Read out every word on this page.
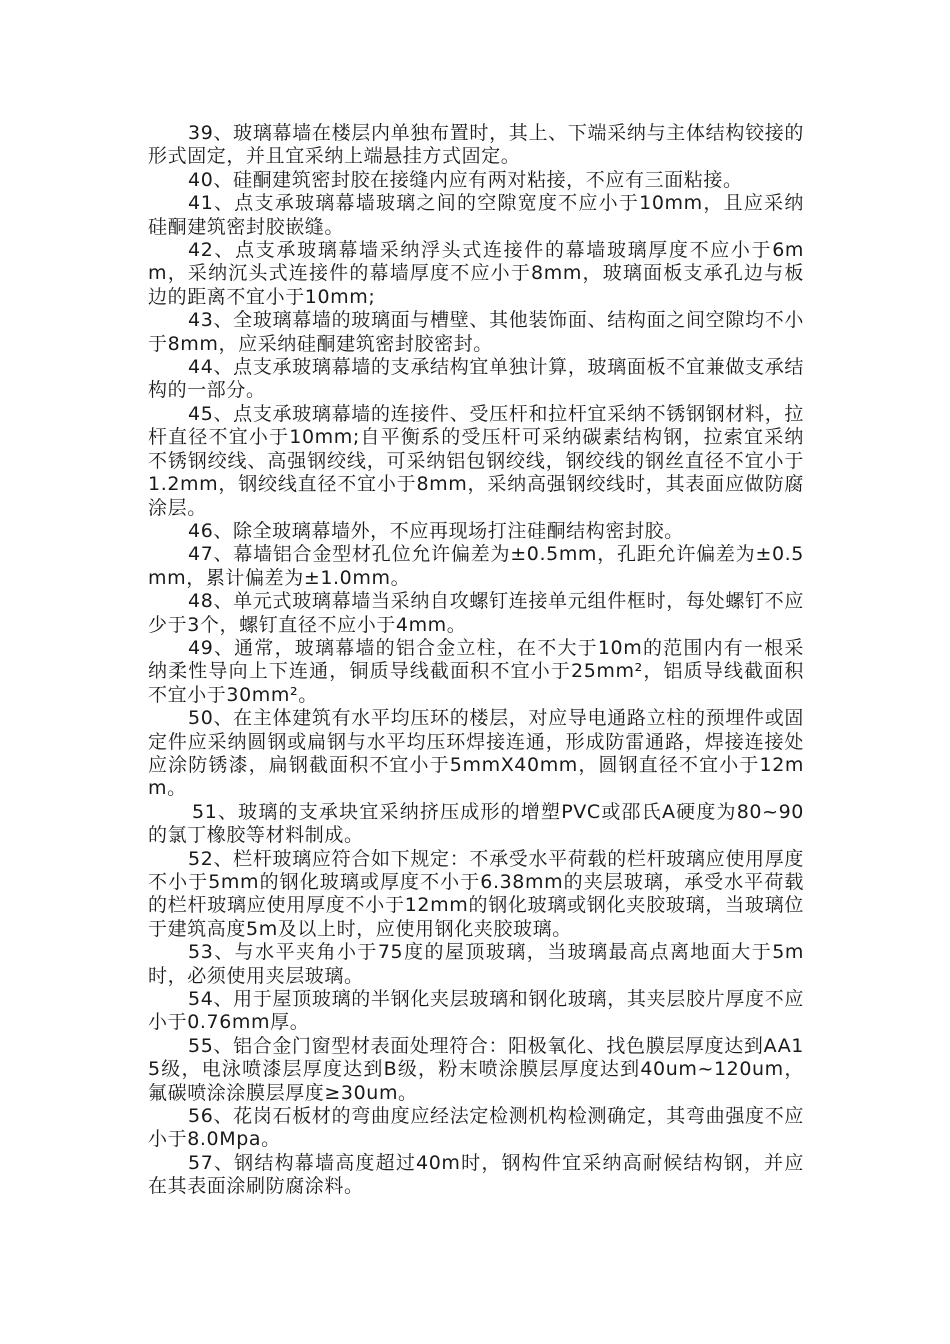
39、玻璃幕墙在楼层内单独布置时，其上、下端采纳与主体结构铰接的形式固定，并且宜采纳上端悬挂方式固定。

40、硅酮建筑密封胶在接缝内应有两对粘接，不应有三面粘接。

41、点支承玻璃幕墙玻璃之间的空隙宽度不应小于10mm，且应采纳硅酮建筑密封胶嵌缝。

42、点支承玻璃幕墙采纳浮头式连接件的幕墙玻璃厚度不应小于6mm，采纳沉头式连接件的幕墙厚度不应小于8mm，玻璃面板支承孔边与板边的距离不宜小于10mm;

43、全玻璃幕墙的玻璃面与槽壁、其他装饰面、结构面之间空隙均不小于8mm，应采纳硅酮建筑密封胶密封。

44、点支承玻璃幕墙的支承结构宜单独计算，玻璃面板不宜兼做支承结构的一部分。

45、点支承玻璃幕墙的连接件、受压杆和拉杆宜采纳不锈钢钢材料，拉杆直径不宜小于10mm;自平衡系的受压杆可采纳碳素结构钢，拉索宜采纳不锈钢绞线、高强钢绞线，可采纳铝包钢绞线，钢绞线的钢丝直径不宜小于1.2mm，钢绞线直径不宜小于8mm，采纳高强钢绞线时，其表面应做防腐涂层。

46、除全玻璃幕墙外，不应再现场打注硅酮结构密封胶。

47、幕墙铝合金型材孔位允许偏差为±0.5mm，孔距允许偏差为±0.5mm，累计偏差为±1.0mm。

48、单元式玻璃幕墙当采纳自攻螺钉连接单元组件框时，每处螺钉不应少于3个，螺钉直径不应小于4mm。

49、通常，玻璃幕墙的铝合金立柱，在不大于10m的范围内有一根采纳柔性导向上下连通，铜质导线截面积不宜小于25mm²，铝质导线截面积不宜小于30mm²。

50、在主体建筑有水平均压环的楼层，对应导电通路立柱的预埋件或固定件应采纳圆钢或扁钢与水平均压环焊接连通，形成防雷通路，焊接连接处应涂防锈漆，扁钢截面积不宜小于5mmX40mm，圆钢直径不宜小于12mm。

51、玻璃的支承块宜采纳挤压成形的增塑PVC或邵氏A硬度为80~90的氯丁橡胶等材料制成。

52、栏杆玻璃应符合如下规定：不承受水平荷载的栏杆玻璃应使用厚度不小于5mm的钢化玻璃或厚度不小于6.38mm的夹层玻璃，承受水平荷载的栏杆玻璃应使用厚度不小于12mm的钢化玻璃或钢化夹胶玻璃，当玻璃位于建筑高度5m及以上时，应使用钢化夹胶玻璃。

53、与水平夹角小于75度的屋顶玻璃，当玻璃最高点离地面大于5m时，必须使用夹层玻璃。

54、用于屋顶玻璃的半钢化夹层玻璃和钢化玻璃，其夹层胶片厚度不应小于0.76mm厚。

55、铝合金门窗型材表面处理符合：阳极氧化、找色膜层厚度达到AA15级，电泳喷漆层厚度达到B级，粉末喷涂膜层厚度达到40um~120um，氟碳喷涂涂膜层厚度≥30um。

56、花岗石板材的弯曲度应经法定检测机构检测确定，其弯曲强度不应小于8.0Mpa。

57、钢结构幕墙高度超过40m时，钢构件宜采纳高耐候结构钢，并应在其表面涂刷防腐涂料。
